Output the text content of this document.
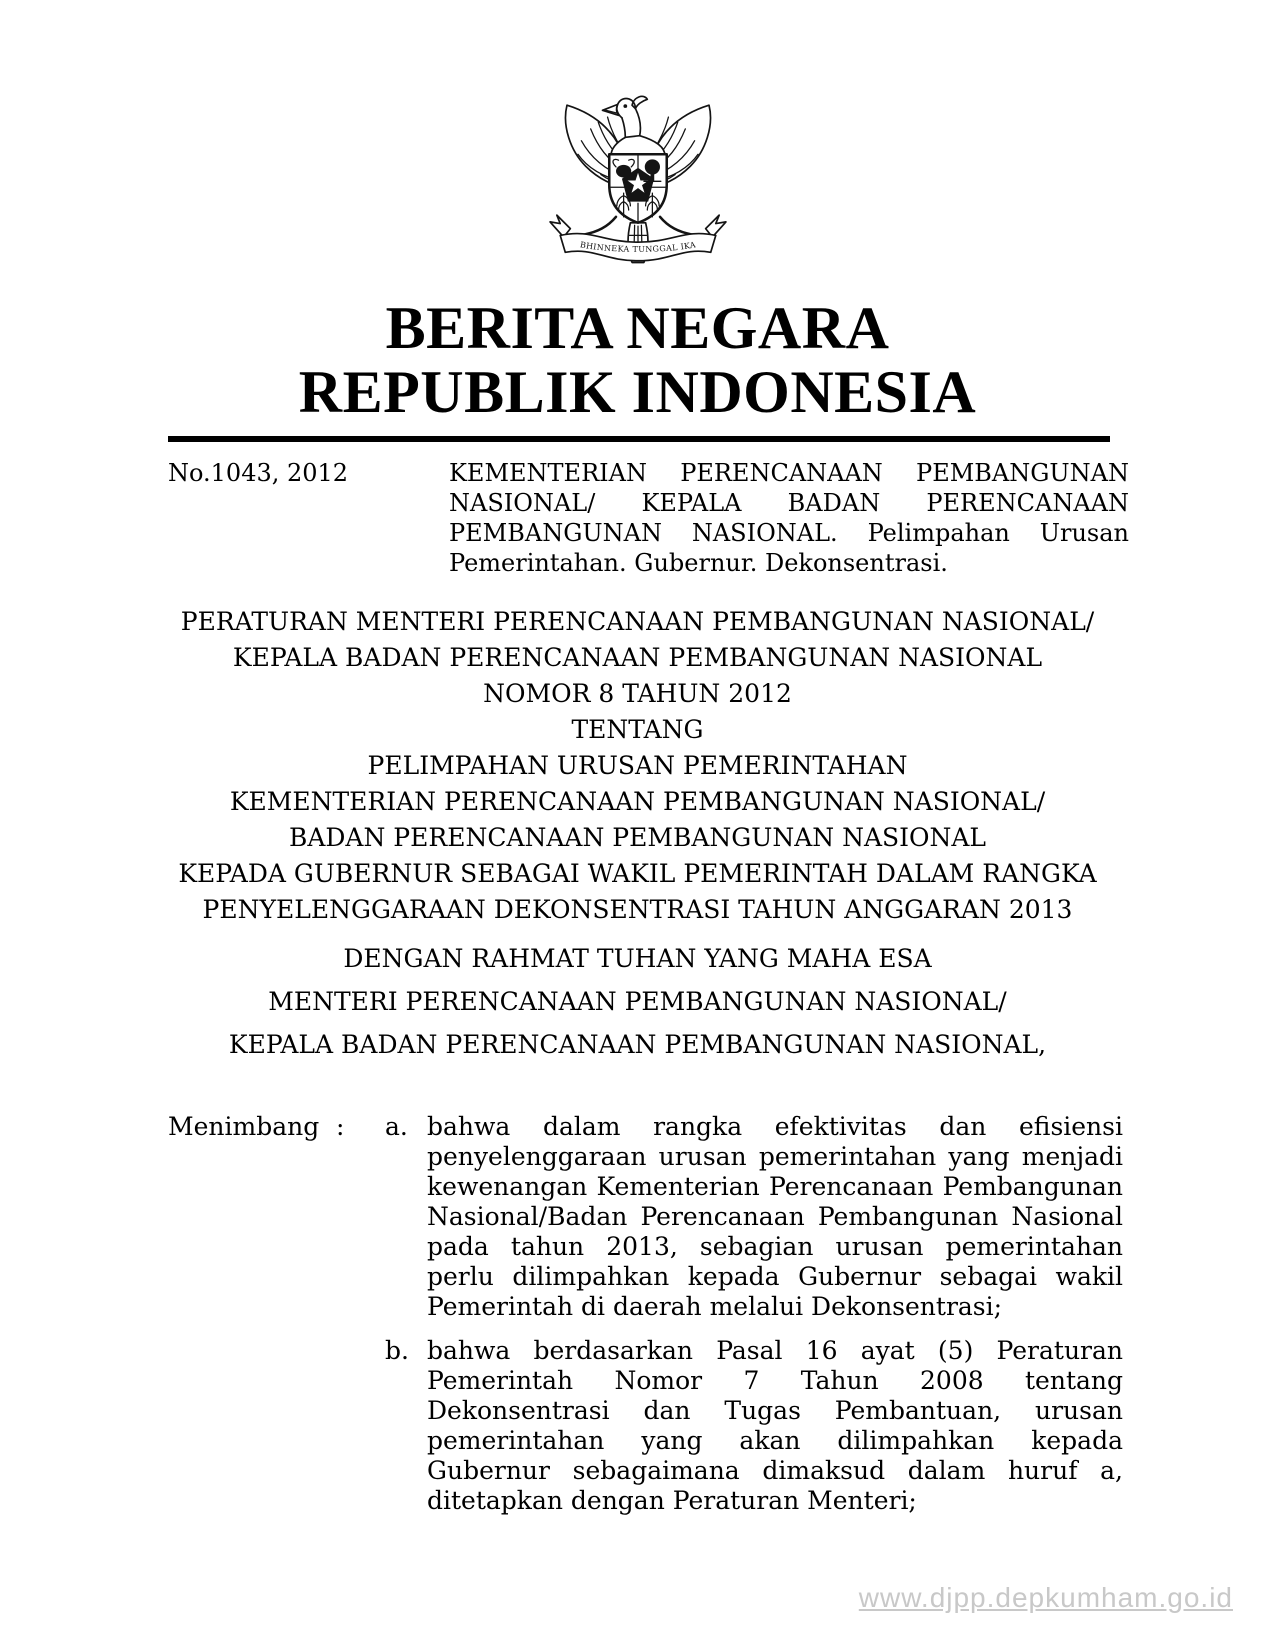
BHINNEKA TUNGGAL IKA
BERITA NEGARA
REPUBLIK INDONESIA
No.1043, 2012	KEMENTERIAN PERENCANAAN PEMBANGUNAN NASIONAL/ KEPALA BADAN PERENCANAAN PEMBANGUNAN NASIONAL. Pelimpahan Urusan Pemerintahan. Gubernur. Dekonsentrasi.

PERATURAN MENTERI PERENCANAAN PEMBANGUNAN NASIONAL/
KEPALA BADAN PERENCANAAN PEMBANGUNAN NASIONAL
NOMOR 8 TAHUN 2012
TENTANG
PELIMPAHAN URUSAN PEMERINTAHAN
KEMENTERIAN PERENCANAAN PEMBANGUNAN NASIONAL/
BADAN PERENCANAAN PEMBANGUNAN NASIONAL
KEPADA GUBERNUR SEBAGAI WAKIL PEMERINTAH DALAM RANGKA
PENYELENGGARAAN DEKONSENTRASI TAHUN ANGGARAN 2013
DENGAN RAHMAT TUHAN YANG MAHA ESA
MENTERI PERENCANAAN PEMBANGUNAN NASIONAL/
KEPALA BADAN PERENCANAAN PEMBANGUNAN NASIONAL,
Menimbang :	a. bahwa dalam rangka efektivitas dan efisiensi penyelenggaraan urusan pemerintahan yang menjadi kewenangan Kementerian Perencanaan Pembangunan Nasional/Badan Perencanaan Pembangunan Nasional pada tahun 2013, sebagian urusan pemerintahan perlu dilimpahkan kepada Gubernur sebagai wakil Pemerintah di daerah melalui Dekonsentrasi;

b. bahwa berdasarkan Pasal 16 ayat (5) Peraturan Pemerintah Nomor 7 Tahun 2008 tentang Dekonsentrasi dan Tugas Pembantuan, urusan pemerintahan yang akan dilimpahkan kepada Gubernur sebagaimana dimaksud dalam huruf a, ditetapkan dengan Peraturan Menteri;

www.djpp.depkumham.go.id
